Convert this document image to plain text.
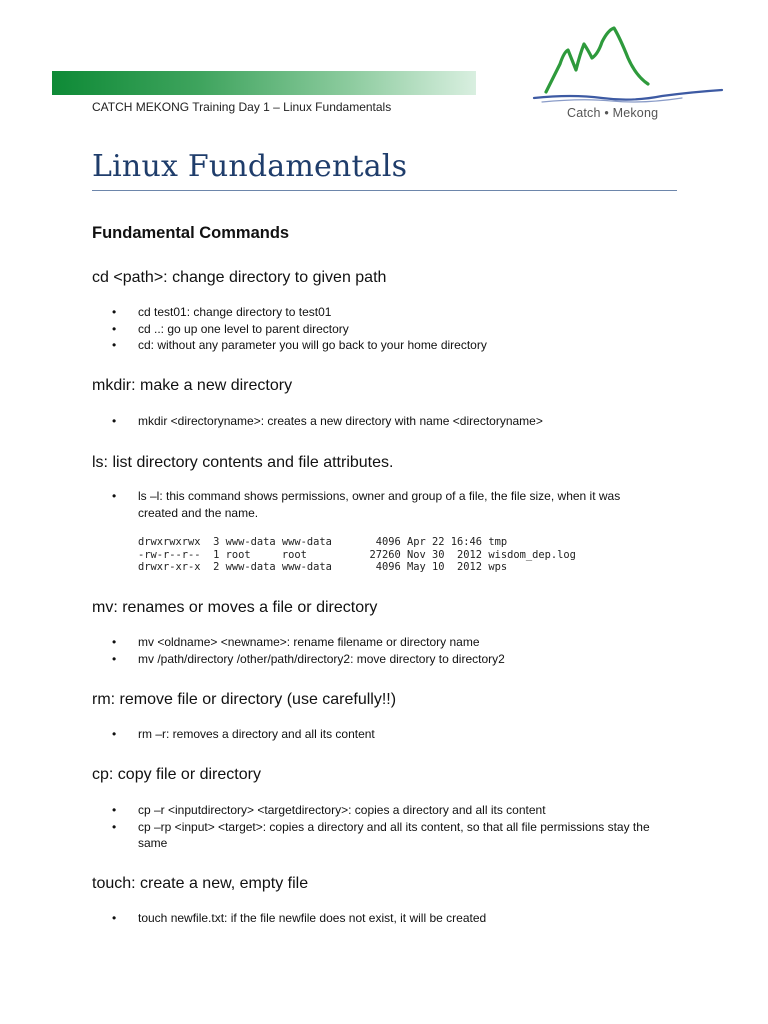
CATCH MEKONG Training Day 1 – Linux Fundamentals	Catch • Mekong
Linux Fundamentals
Fundamental Commands
cd <path>: change directory to given path
• cd test01: change directory to test01
• cd ..: go up one level to parent directory
• cd: without any parameter you will go back to your home directory
mkdir: make a new directory
• mkdir <directoryname>: creates a new directory with name <directoryname>
ls: list directory contents and file attributes.
• ls –l: this command shows permissions, owner and group of a file, the file size, when it was created and the name.
drwxrwxrwx  3 www-data www-data       4096 Apr 22 16:46 tmp
-rw-r--r--  1 root     root          27260 Nov 30  2012 wisdom_dep.log
drwxr-xr-x  2 www-data www-data       4096 May 10  2012 wps
mv: renames or moves a file or directory
• mv <oldname> <newname>: rename filename or directory name
• mv /path/directory /other/path/directory2: move directory to directory2
rm: remove file or directory (use carefully!!)
• rm –r: removes a directory and all its content
cp: copy file or directory
• cp –r <inputdirectory> <targetdirectory>: copies a directory and all its content
• cp –rp <input> <target>: copies a directory and all its content, so that all file permissions stay the same
touch: create a new, empty file
• touch newfile.txt: if the file newfile does not exist, it will be created
